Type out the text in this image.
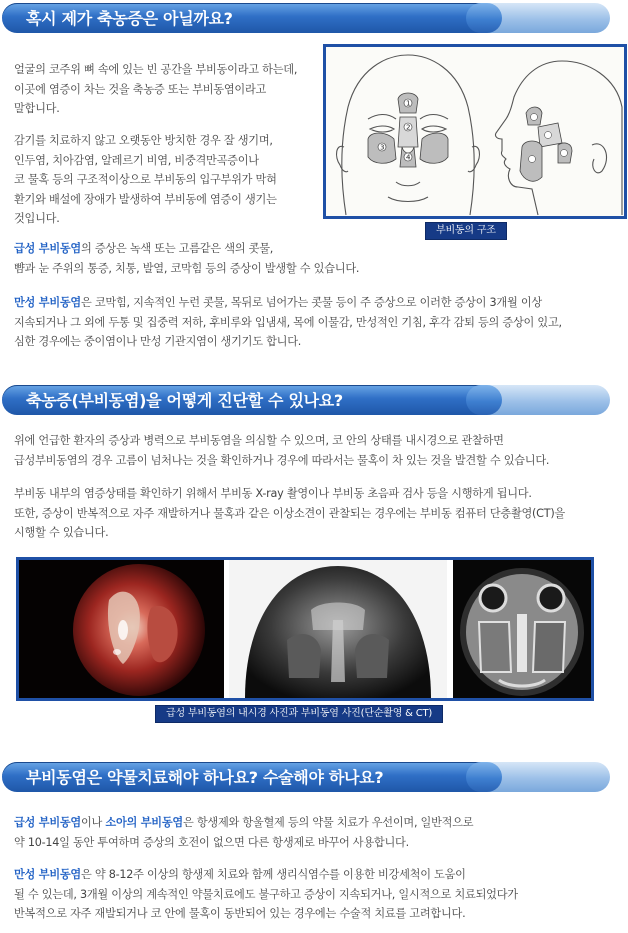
혹시 제가 축농증은 아닐까요?
얼굴의 코주위 뼈 속에 있는 빈 공간을 부비동이라고 하는데,
이곳에 염증이 차는 것을 축농증 또는 부비동염이라고
말합니다.
감기를 치료하지 않고 오랫동안 방치한 경우 잘 생기며,
인두염, 치아감염, 알레르기 비염, 비중격만곡증이나
코 물혹 등의 구조적이상으로 부비동의 입구부위가 막혀
환기와 배설에 장애가 발생하여 부비동에 염증이 생기는
것입니다.
급성 부비동염의 증상은 녹색 또는 고름같은 색의 콧물,
뺨과 눈 주위의 통증, 치통, 발열, 코막힘 등의 증상이 발생할 수 있습니다.
만성 부비동염은 코막힘, 지속적인 누런 콧물, 목뒤로 넘어가는 콧물 등이 주 증상으로 이러한 증상이 3개월 이상
지속되거나 그 외에 두통 및 집중력 저하, 후비루와 입냄새, 목에 이물감, 만성적인 기침, 후각 감퇴 등의 증상이 있고,
심한 경우에는 중이염이나 만성 기관지염이 생기기도 합니다.
1
2
3
4
부비동의 구조
축농증(부비동염)을 어떻게 진단할 수 있나요?
위에 언급한 환자의 증상과 병력으로 부비동염을 의심할 수 있으며, 코 안의 상태를 내시경으로 관찰하면
급성부비동염의 경우 고름이 넘처나는 것을 확인하거나 경우에 따라서는 물혹이 차 있는 것을 발견할 수 있습니다.
부비동 내부의 염증상태를 확인하기 위해서 부비동 X-ray 촬영이나 부비동 초음파 검사 등을 시행하게 됩니다.
또한, 증상이 반복적으로 자주 재발하거나 물혹과 같은 이상소견이 관찰되는 경우에는 부비동 컴퓨터 단층촬영(CT)을
시행할 수 있습니다.
급성 부비동염의 내시경 사진과 부비동염 사진(단순촬영 & CT)
부비동염은 약물치료해야 하나요? 수술해야 하나요?
급성 부비동염이나 소아의 부비동염은 항생제와 항울혈제 등의 약물 치료가 우선이며, 일반적으로
약 10-14일 동안 투여하며 증상의 호전이 없으면 다른 항생제로 바꾸어 사용합니다.
만성 부비동염은 약 8-12주 이상의 항생제 치료와 함께 생리식염수를 이용한 비강세척이 도움이
될 수 있는데, 3개월 이상의 계속적인 약물치료에도 불구하고 증상이 지속되거나, 일시적으로 치료되었다가
반복적으로 자주 재발되거나 코 안에 물혹이 동반되어 있는 경우에는 수술적 치료를 고려합니다.
